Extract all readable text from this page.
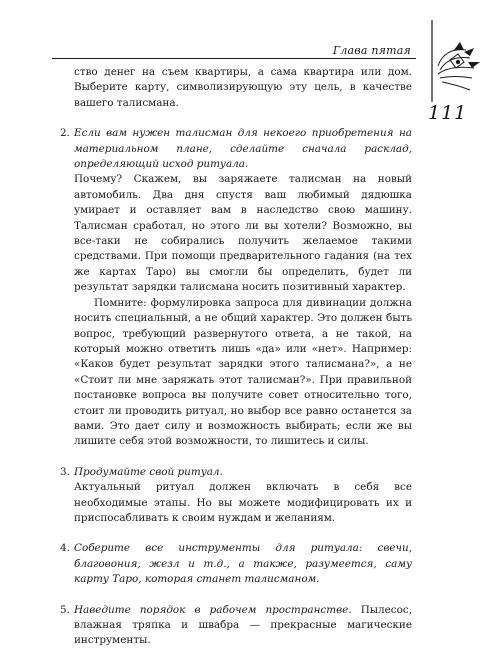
Глава пятая
111

ство денег на съем квартиры, а сама квартира или дом. Выберите карту, символизирующую эту цель, в качестве вашего талисмана.

2. Если вам нужен талисман для некоего приобретения на материальном плане, сделайте сначала расклад, определяющий исход ритуала.

Почему? Скажем, вы заряжаете талисман на новый автомобиль. Два дня спустя ваш любимый дядюшка умирает и оставляет вам в наследство свою машину. Талисман сработал, но этого ли вы хотели? Возможно, вы все-таки не собирались получить желаемое такими средствами. При помощи предварительного гадания (на тех же картах Таро) вы смогли бы определить, будет ли результат зарядки талисмана носить позитивный характер.

Помните: формулировка запроса для дивинации должна носить специальный, а не общий характер. Это должен быть вопрос, требующий развернутого ответа, а не такой, на который можно ответить лишь «да» или «нет». Например: «Каков будет результат зарядки этого талисмана?», а не «Стоит ли мне заряжать этот талисман?». При правильной постановке вопроса вы получите совет относительно того, стоит ли проводить ритуал, но выбор все равно останется за вами. Это дает силу и возможность выбирать; если же вы лишите себя этой возможности, то лишитесь и силы.

3. Продумайте свой ритуал.

Актуальный ритуал должен включать в себя все необходимые этапы. Но вы можете модифицировать их и приспосабливать к своим нуждам и желаниям.

4. Соберите все инструменты для ритуала: свечи, благовония, жезл и т.д., а также, разумеется, саму карту Таро, которая станет талисманом.

5. Наведите порядок в рабочем пространстве. Пылесос, влажная тряпка и швабра — прекрасные магические инструменты.
